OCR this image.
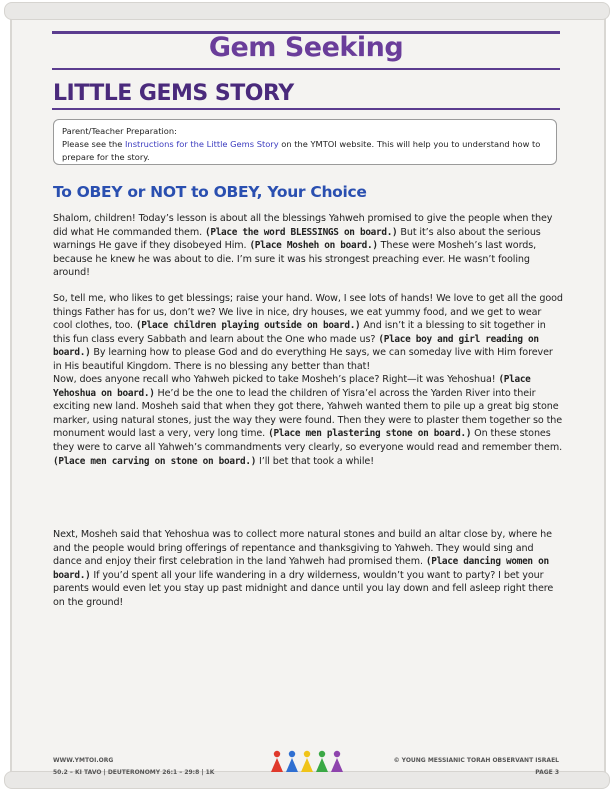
Gem Seeking
LITTLE GEMS STORY
Parent/Teacher Preparation:
Please see the Instructions for the Little Gems Story on the YMTOI website. This will help you to understand how to prepare for the story.
To OBEY or NOT to OBEY, Your Choice

Shalom, children! Today’s lesson is about all the blessings Yahweh promised to give the people when they did what He commanded them. (Place the word BLESSINGS on board.) But it’s also about the serious warnings He gave if they disobeyed Him. (Place Mosheh on board.) These were Mosheh’s last words, because he knew he was about to die. I’m sure it was his strongest preaching ever. He wasn’t fooling around!

So, tell me, who likes to get blessings; raise your hand. Wow, I see lots of hands! We love to get all the good things Father has for us, don’t we? We live in nice, dry houses, we eat yummy food, and we get to wear cool clothes, too. (Place children playing outside on board.) And isn’t it a blessing to sit together in this fun class every Sabbath and learn about the One who made us? (Place boy and girl reading on board.) By learning how to please God and do everything He says, we can someday live with Him forever in His beautiful Kingdom. There is no blessing any better than that!

Now, does anyone recall who Yahweh picked to take Mosheh’s place? Right—it was Yehoshua! (Place Yehoshua on board.) He’d be the one to lead the children of Yisra’el across the Yarden River into their exciting new land. Mosheh said that when they got there, Yahweh wanted them to pile up a great big stone marker, using natural stones, just the way they were found. Then they were to plaster them together so the monument would last a very, very long time. (Place men plastering stone on board.) On these stones they were to carve all Yahweh’s commandments very clearly, so everyone would read and remember them. (Place men carving on stone on board.) I’ll bet that took a while!

Next, Mosheh said that Yehoshua was to collect more natural stones and build an altar close by, where he and the people would bring offerings of repentance and thanksgiving to Yahweh. They would sing and dance and enjoy their first celebration in the land Yahweh had promised them. (Place dancing women on board.) If you’d spent all your life wandering in a dry wilderness, wouldn’t you want to party? I bet your parents would even let you stay up past midnight and dance until you lay down and fell asleep right there on the ground!

WWW.YMTOI.ORG
50.2 – KI TAVO | DEUTERONOMY 26:1 – 29:8 | 1K
© YOUNG MESSIANIC TORAH OBSERVANT ISRAEL
PAGE 3
